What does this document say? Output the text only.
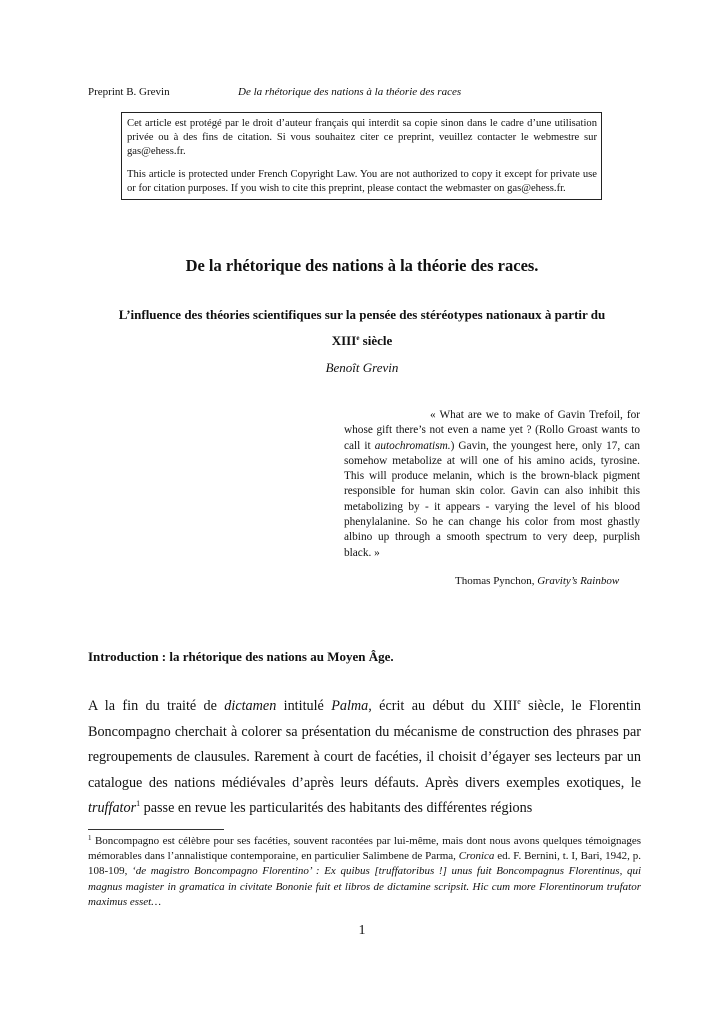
Preprint B. Grevin	De la rhétorique des nations à la théorie des races

Cet article est protégé par le droit d’auteur français qui interdit sa copie sinon dans le cadre d’une utilisation privée ou à des fins de citation. Si vous souhaitez citer ce preprint, veuillez contacter le webmestre sur gas@ehess.fr.

This article is protected under French Copyright Law. You are not authorized to copy it except for private use or for citation purposes. If you wish to cite this preprint, please contact the webmaster on gas@ehess.fr.

De la rhétorique des nations à la théorie des races.
L’influence des théories scientifiques sur la pensée des stéréotypes nationaux à partir du
XIIIe siècle
Benoît Grevin
« What are we to make of Gavin Trefoil, for whose gift there’s not even a name yet ? (Rollo Groast wants to call it autochromatism.) Gavin, the youngest here, only 17, can somehow metabolize at will one of his amino acids, tyrosine. This will produce melanin, which is the brown-black pigment responsible for human skin color. Gavin can also inhibit this metabolizing by - it appears - varying the level of his blood phenylalanine. So he can change his color from most ghastly albino up through a smooth spectrum to very deep, purplish black. »
Thomas Pynchon, Gravity’s Rainbow
Introduction : la rhétorique des nations au Moyen Âge.
A la fin du traité de dictamen intitulé Palma, écrit au début du XIIIe siècle, le Florentin Boncompagno cherchait à colorer sa présentation du mécanisme de construction des phrases par regroupements de clausules. Rarement à court de facéties, il choisit d’égayer ses lecteurs par un catalogue des nations médiévales d’après leurs défauts. Après divers exemples exotiques, le truffator$^1$ passe en revue les particularités des habitants des différentes régions
$^1$ Boncompagno est célèbre pour ses facéties, souvent racontées par lui-même, mais dont nous avons quelques témoignages mémorables dans l’annalistique contemporaine, en particulier Salimbene de Parma, Cronica ed. F. Bernini, t. I, Bari, 1942, p. 108-109, ‘de magistro Boncompagno Florentino’ : Ex quibus [truffatoribus !] unus fuit Boncompagnus Florentinus, qui magnus magister in gramatica in civitate Bononie fuit et libros de dictamine scripsit. Hic cum more Florentinorum trufator maximus esset…
1
